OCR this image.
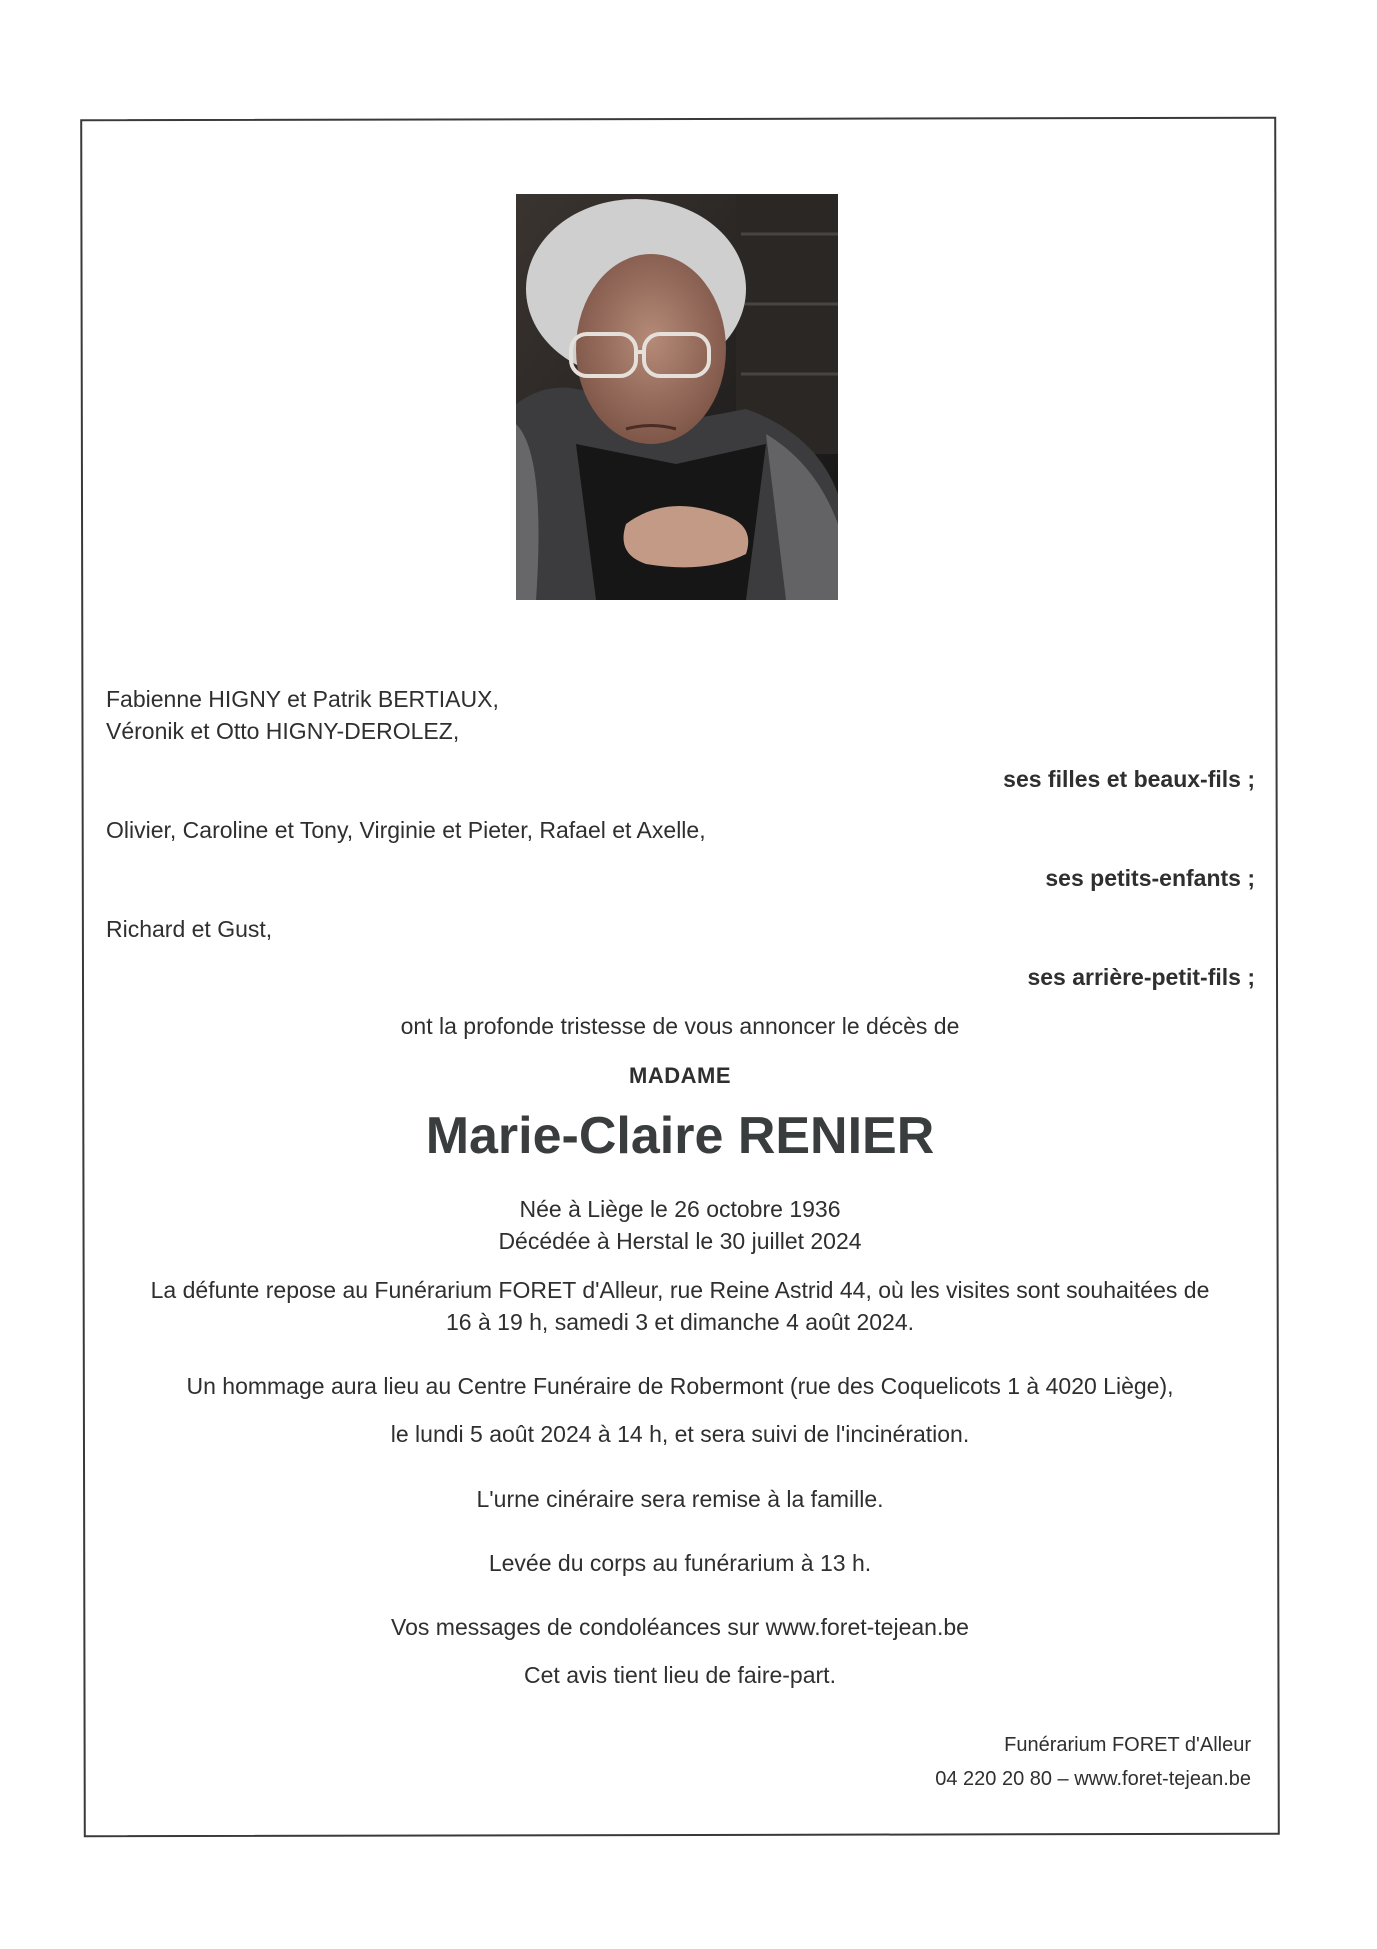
Fabienne HIGNY et Patrik BERTIAUX,
Véronik et Otto HIGNY-DEROLEZ,
ses filles et beaux-fils ;
Olivier, Caroline et Tony, Virginie et Pieter, Rafael et Axelle,
ses petits-enfants ;
Richard et Gust,
ses arrière-petit-fils ;
ont la profonde tristesse de vous annoncer le décès de
MADAME
Marie-Claire RENIER
Née à Liège le 26 octobre 1936
Décédée à Herstal le 30 juillet 2024
La défunte repose au Funérarium FORET d'Alleur, rue Reine Astrid 44, où les visites sont souhaitées de
16 à 19 h, samedi 3 et dimanche 4 août 2024.
Un hommage aura lieu au Centre Funéraire de Robermont (rue des Coquelicots 1 à 4020 Liège),
le lundi 5 août 2024 à 14 h, et sera suivi de l'incinération.
L'urne cinéraire sera remise à la famille.
Levée du corps au funérarium à 13 h.
Vos messages de condoléances sur www.foret-tejean.be
Cet avis tient lieu de faire-part.
Funérarium FORET d'Alleur
04 220 20 80 – www.foret-tejean.be
